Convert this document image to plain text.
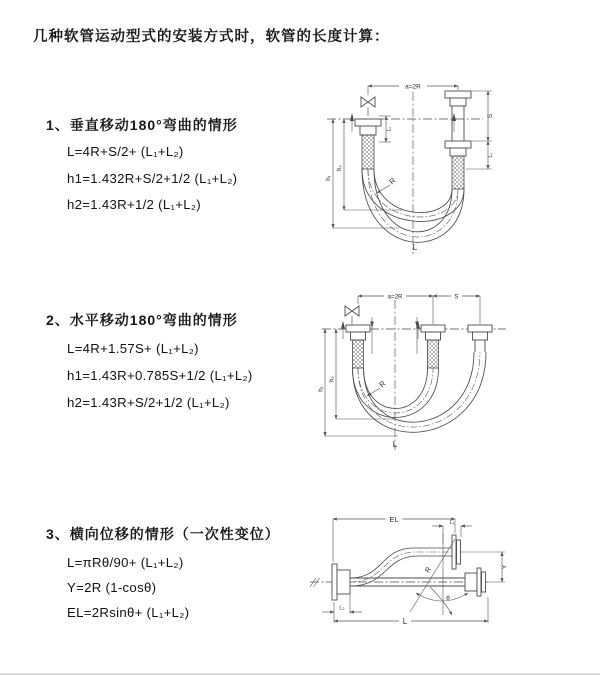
几种软管运动型式的安装方式时，软管的长度计算：
1、垂直移动180°弯曲的情形
L=4R+S/2+ (L₁+L₂)
h1=1.432R+S/2+1/2 (L₁+L₂)
h2=1.43R+1/2 (L₁+L₂)
2、水平移动180°弯曲的情形
L=4R+1.57S+ (L₁+L₂)
h1=1.43R+0.785S+1/2 (L₁+L₂)
h2=1.43R+S/2+1/2 (L₁+L₂)
3、横向位移的情形（一次性变位）
L=πRθ/90+ (L₁+L₂)
Y=2R (1-cosθ)
EL=2Rsinθ+ (L₁+L₂)
a=2R
h₁
h₂
L₁
S
L₂
R
L
a=2R	S
h₁
h₂	R
L
EL	L₁
R
θ
Y
L₂
L
